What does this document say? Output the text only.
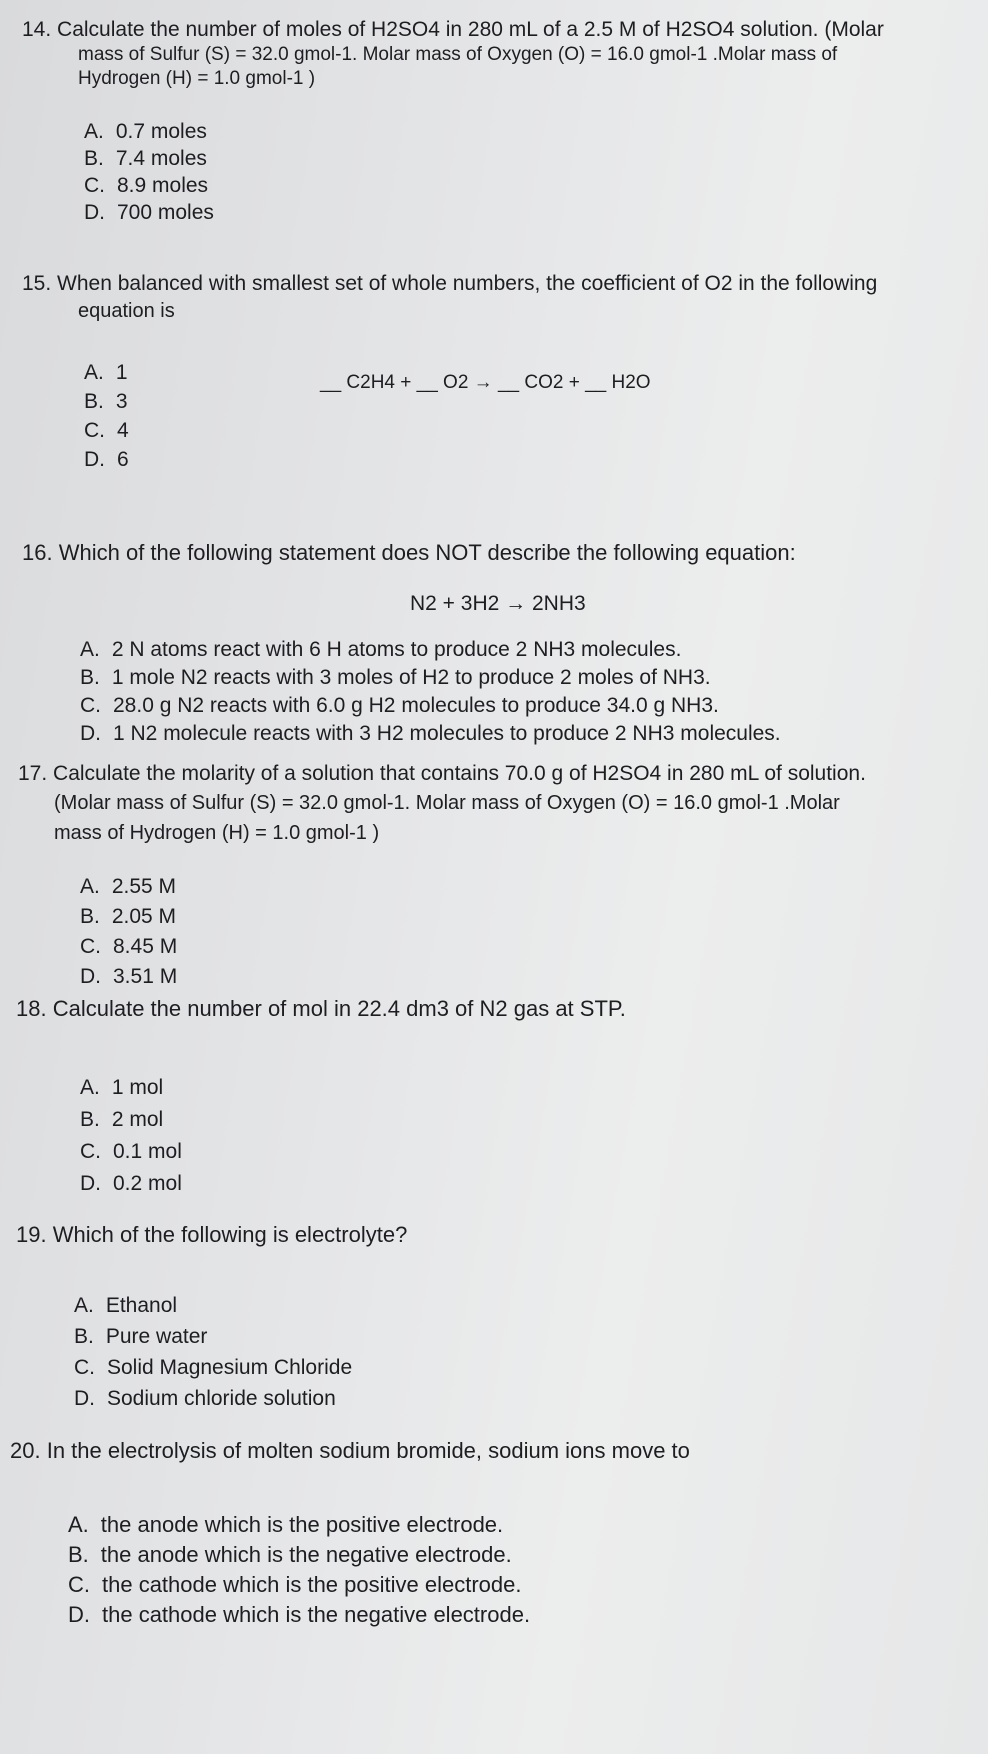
14. Calculate the number of moles of H2SO4 in 280 mL of a 2.5 M of H2SO4 solution. (Molar
mass of Sulfur (S) = 32.0 gmol-1. Molar mass of Oxygen (O) = 16.0 gmol-1 .Molar mass of
Hydrogen (H) = 1.0 gmol-1 )
A. 0.7 moles
B. 7.4 moles
C. 8.9 moles
D. 700 moles
15. When balanced with smallest set of whole numbers, the coefficient of O2 in the following
equation is
__ C2H4 + __ O2 → __ CO2 + __ H2O
A. 1
B. 3
C. 4
D. 6
16. Which of the following statement does NOT describe the following equation:
N2 + 3H2 → 2NH3
A. 2 N atoms react with 6 H atoms to produce 2 NH3 molecules.
B. 1 mole N2 reacts with 3 moles of H2 to produce 2 moles of NH3.
C. 28.0 g N2 reacts with 6.0 g H2 molecules to produce 34.0 g NH3.
D. 1 N2 molecule reacts with 3 H2 molecules to produce 2 NH3 molecules.
17. Calculate the molarity of a solution that contains 70.0 g of H2SO4 in 280 mL of solution.
(Molar mass of Sulfur (S) = 32.0 gmol-1. Molar mass of Oxygen (O) = 16.0 gmol-1 .Molar
mass of Hydrogen (H) = 1.0 gmol-1 )
A. 2.55 M
B. 2.05 M
C. 8.45 M
D. 3.51 M
18. Calculate the number of mol in 22.4 dm3 of N2 gas at STP.
A. 1 mol
B. 2 mol
C. 0.1 mol
D. 0.2 mol
19. Which of the following is electrolyte?
A. Ethanol
B. Pure water
C. Solid Magnesium Chloride
D. Sodium chloride solution
20. In the electrolysis of molten sodium bromide, sodium ions move to
A. the anode which is the positive electrode.
B. the anode which is the negative electrode.
C. the cathode which is the positive electrode.
D. the cathode which is the negative electrode.
